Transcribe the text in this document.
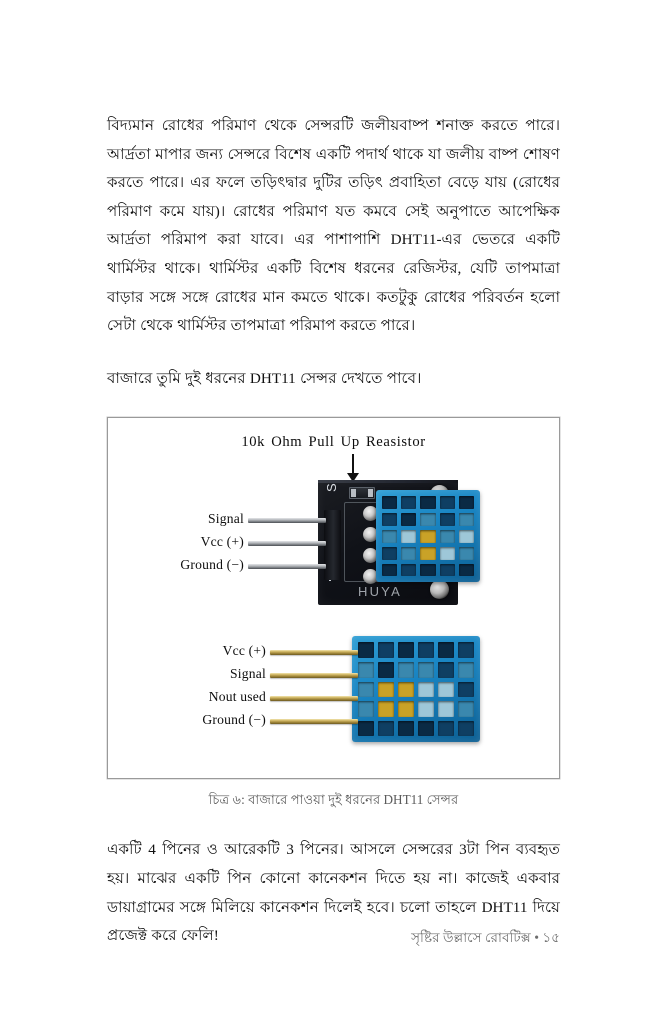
বিদ্যমান রোধের পরিমাণ থেকে সেন্সরটি জলীয়বাষ্প শনাক্ত করতে পারে। আর্দ্রতা মাপার জন্য সেন্সরে বিশেষ একটি পদার্থ থাকে যা জলীয় বাষ্প শোষণ করতে পারে। এর ফলে তড়িৎদ্বার দুটির তড়িৎ প্রবাহিতা বেড়ে যায় (রোধের পরিমাণ কমে যায়)। রোধের পরিমাণ যত কমবে সেই অনুপাতে আপেক্ষিক আর্দ্রতা পরিমাপ করা যাবে। এর পাশাপাশি DHT11-এর ভেতরে একটি থার্মিস্টর থাকে। থার্মিস্টর একটি বিশেষ ধরনের রেজিস্টর, যেটি তাপমাত্রা বাড়ার সঙ্গে সঙ্গে রোধের মান কমতে থাকে। কতটুকু রোধের পরিবর্তন হলো সেটা থেকে থার্মিস্টর তাপমাত্রা পরিমাপ করতে পারে।

বাজারে তুমি দুই ধরনের DHT11 সেন্সর দেখতে পাবে।

10k Ohm Pull Up Reasistor
S
HUYA
Signal
Vcc (+)
Ground (−)
Vcc (+)
Signal
Nout used
Ground (−)
চিত্র ৬: বাজারে পাওয়া দুই ধরনের DHT11 সেন্সর

একটি 4 পিনের ও আরেকটি 3 পিনের। আসলে সেন্সরের 3টা পিন ব্যবহৃত হয়। মাঝের একটি পিন কোনো কানেকশন দিতে হয় না। কাজেই একবার ডায়াগ্রামের সঙ্গে মিলিয়ে কানেকশন দিলেই হবে। চলো তাহলে DHT11 দিয়ে প্রজেক্ট করে ফেলি!	সৃষ্টির উল্লাসে রোবটিক্স • ১৫
